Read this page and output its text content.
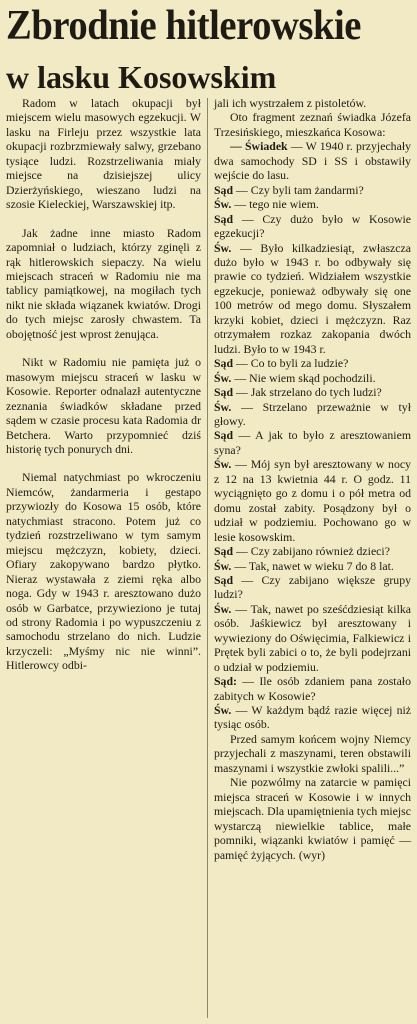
Zbrodnie hitlerowskie
w lasku Kosowskim

Radom w latach okupacji był miejscem wielu masowych egzekucji. W lasku na Firleju przez wszystkie lata okupacji rozbrzmiewały salwy, grzebano tysiące ludzi. Rozstrzeliwania miały miejsce na dzisiejszej ulicy Dzierżyńskiego, wieszano ludzi na szosie Kieleckiej, Warszawskiej itp.

Jak żadne inne miasto Radom zapomniał o ludziach, którzy zginęli z rąk hitlerowskich siepaczy. Na wielu miejscach straceń w Radomiu nie ma tablicy pamiątkowej, na mogiłach tych nikt nie składa wiązanek kwiatów. Drogi do tych miejsc zarosły chwastem. Ta obojętność jest wprost żenująca.

Nikt w Radomiu nie pamięta już o masowym miejscu straceń w lasku w Kosowie. Reporter odnalazł autentyczne zeznania świadków składane przed sądem w czasie procesu kata Radomia dr Betchera. Warto przypomnieć dziś historię tych ponurych dni.

Niemal natychmiast po wkroczeniu Niemców, żandarmeria i gestapo przywiozły do Kosowa 15 osób, które natychmiast stracono. Potem już co tydzień rozstrzeliwano w tym samym miejscu mężczyzn, kobiety, dzieci. Ofiary zakopywano bardzo płytko. Nieraz wystawała z ziemi ręka albo noga. Gdy w 1943 r. aresztowano dużo osób w Garbatce, przywieziono je tutaj od strony Radomia i po wypuszczeniu z samochodu strzelano do nich. Ludzie krzyczeli: „Myśmy nic nie winni”. Hitlerowcy odbi-

jali ich wystrzałem z pistoletów.

Oto fragment zeznań świadka Józefa Trzesińskiego, mieszkańca Kosowa:

— Świadek — W 1940 r. przyjechały dwa samochody SD i SS i obstawiły wejście do lasu.

Sąd — Czy byli tam żandarmi?

Św. — tego nie wiem.

Sąd — Czy dużo było w Kosowie egzekucji?

Św. — Było kilkadziesiąt, zwłaszcza dużo było w 1943 r. bo odbywały się prawie co tydzień. Widziałem wszystkie egzekucje, ponieważ odbywały się one 100 metrów od mego domu. Słyszałem krzyki kobiet, dzieci i mężczyzn. Raz otrzymałem rozkaz zakopania dwóch ludzi. Było to w 1943 r.

Sąd — Co to byli za ludzie?

Św. — Nie wiem skąd pochodzili.

Sąd — Jak strzelano do tych ludzi?

Św. — Strzelano przeważnie w tył głowy.

Sąd — A jak to było z aresztowaniem syna?

Św. — Mój syn był aresztowany w nocy z 12 na 13 kwietnia 44 r. O godz. 11 wyciągnięto go z domu i o pół metra od domu został zabity. Posądzony był o udział w podziemiu. Pochowano go w lesie kosowskim.

Sąd — Czy zabijano również dzieci?

Św. — Tak, nawet w wieku 7 do 8 lat.

Sąd — Czy zabijano większe grupy ludzi?

Św. — Tak, nawet po sześćdziesiąt kilka osób. Jaśkiewicz był aresztowany i wywieziony do Oświęcimia, Falkiewicz i Prętek byli zabici o to, że byli podejrzani o udział w podziemiu.

Sąd: — Ile osób zdaniem pana zostało zabitych w Kosowie?

Św. — W każdym bądź razie więcej niż tysiąc osób.

Przed samym końcem wojny Niemcy przyjechali z maszynami, teren obstawili maszynami i wszystkie zwłoki spalili...”

Nie pozwólmy na zatarcie w pamięci miejsca straceń w Kosowie i w innych miejscach. Dla upamiętnienia tych miejsc wystarczą niewielkie tablice, małe pomniki, wiązanki kwiatów i pamięć — pamięć żyjących. (wyr)
